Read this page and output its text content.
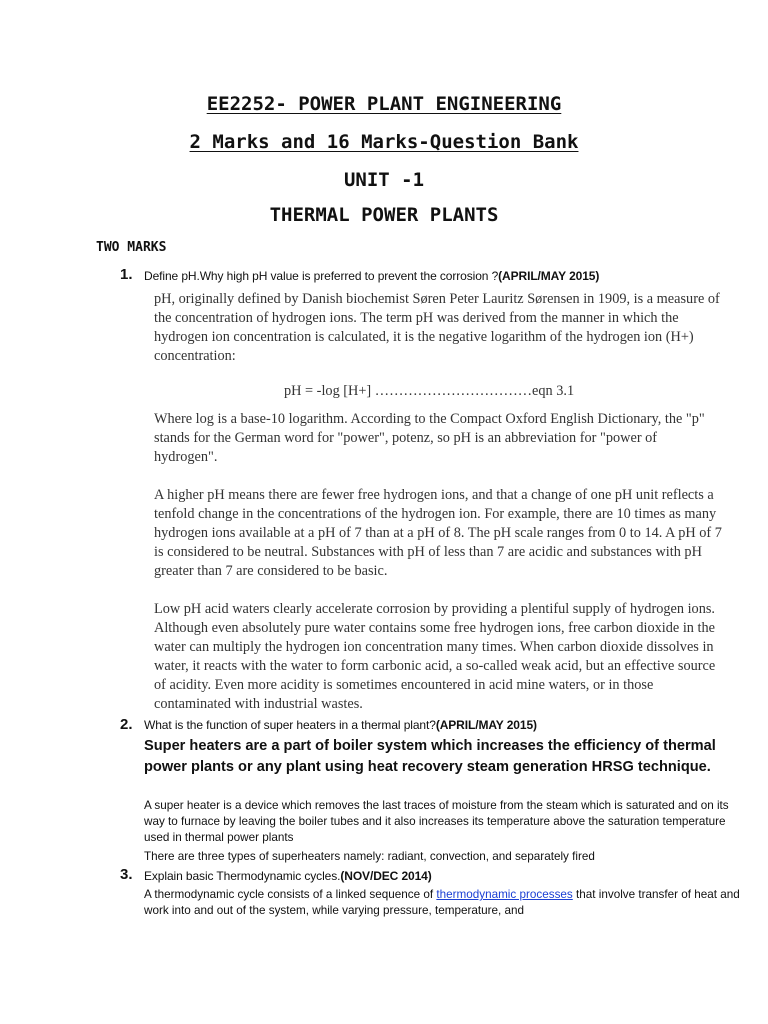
EE2252- POWER PLANT ENGINEERING
2 Marks and 16 Marks-Question Bank
UNIT -1
THERMAL POWER PLANTS
TWO MARKS
1. Define pH.Why high pH value is preferred to prevent the corrosion ?(APRIL/MAY 2015)
pH, originally defined by Danish biochemist Søren Peter Lauritz Sørensen in 1909, is a measure of the concentration of hydrogen ions. The term pH was derived from the manner in which the hydrogen ion concentration is calculated, it is the negative logarithm of the hydrogen ion (H+) concentration:
pH = -log [H+] ……………………………eqn 3.1
Where log is a base-10 logarithm. According to the Compact Oxford English Dictionary, the "p" stands for the German word for "power", potenz, so pH is an abbreviation for "power of hydrogen".
A higher pH means there are fewer free hydrogen ions, and that a change of one pH unit reflects a tenfold change in the concentrations of the hydrogen ion. For example, there are 10 times as many hydrogen ions available at a pH of 7 than at a pH of 8. The pH scale ranges from 0 to 14. A pH of 7 is considered to be neutral. Substances with pH of less than 7 are acidic and substances with pH greater than 7 are considered to be basic.
Low pH acid waters clearly accelerate corrosion by providing a plentiful supply of hydrogen ions. Although even absolutely pure water contains some free hydrogen ions, free carbon dioxide in the water can multiply the hydrogen ion concentration many times. When carbon dioxide dissolves in water, it reacts with the water to form carbonic acid, a so-called weak acid, but an effective source of acidity. Even more acidity is sometimes encountered in acid mine waters, or in those contaminated with industrial wastes.
2. What is the function of super heaters in a thermal plant?(APRIL/MAY 2015)
Super heaters are a part of boiler system which increases the efficiency of thermal power plants or any plant using heat recovery steam generation HRSG technique.
A super heater is a device which removes the last traces of moisture from the steam which is saturated and on its way to furnace by leaving the boiler tubes and it also increases its temperature above the saturation temperature used in thermal power plants
There are three types of superheaters namely: radiant, convection, and separately fired
3. Explain basic Thermodynamic cycles.(NOV/DEC 2014)
A thermodynamic cycle consists of a linked sequence of thermodynamic processes that involve transfer of heat and work into and out of the system, while varying pressure, temperature, and
